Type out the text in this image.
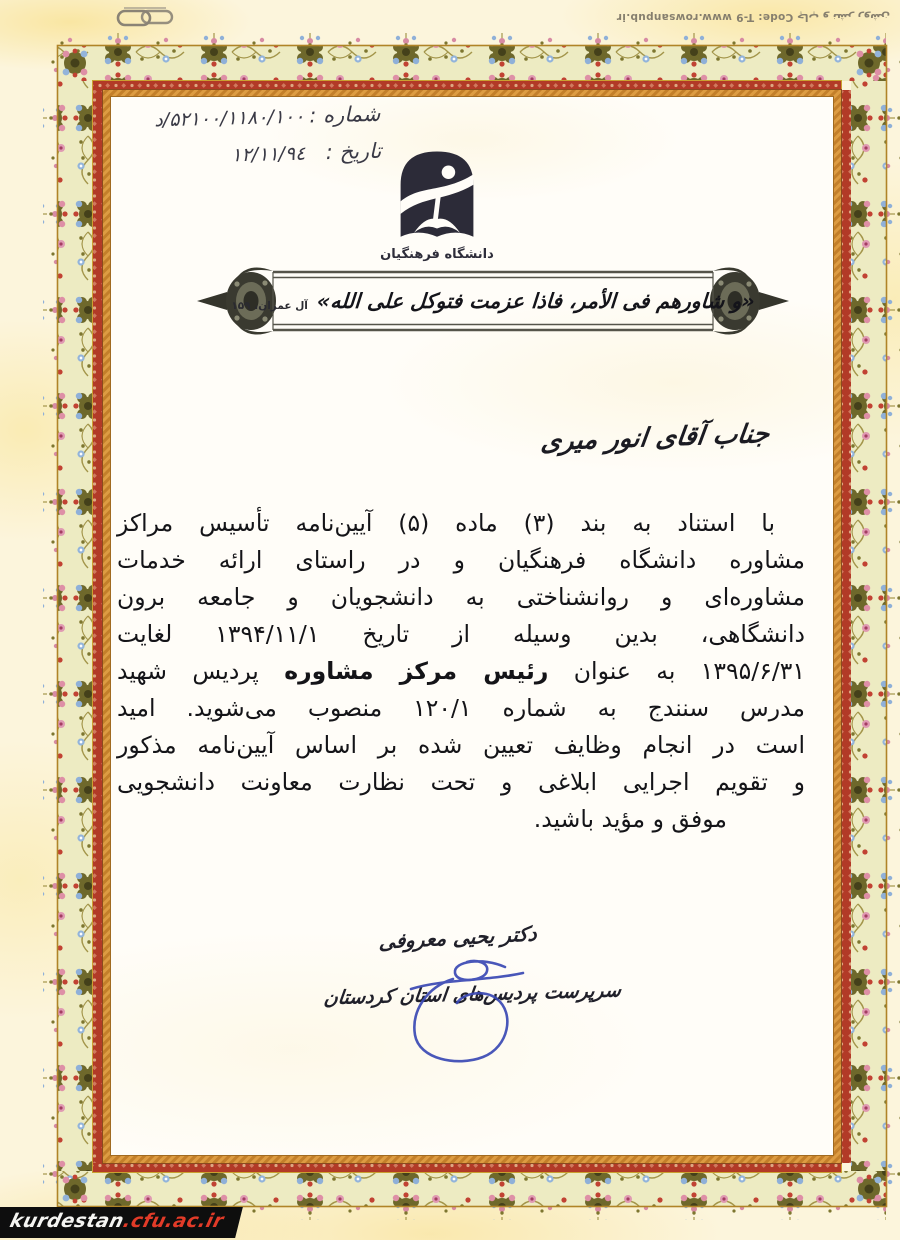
چاپ و نشر روشن Code: T-9 www.rowsanpub.ir
شماره :
۵۲۱۰۰/۱۱۸۰/۱۰۰/د
تاریخ :
۹٤/۱۲/۱۱
دانشگاه فرهنگیان
«و شاورهم فی الأمر، فاذا عزمت فتوکل علی الله»
آل عمران، ۱۵۹
جناب آقای انور میری
با استناد به بند (۳) ماده (۵) آیین‌نامه تأسیس مراکز
مشاوره دانشگاه فرهنگیان و در راستای ارائه خدمات
مشاوره‌ای و روانشناختی به دانشجویان و جامعه برون
دانشگاهی، بدین وسیله از تاریخ ۱۳۹۴/۱۱/۱ لغایت
۱۳۹۵/۶/۳۱ به عنوان رئیس مرکز مشاوره پردیس شهید
مدرس سنندج به شماره ۱۲۰/۱ منصوب می‌شوید. امید
است در انجام وظایف تعیین شده بر اساس آیین‌نامه مذکور
و تقویم اجرایی ابلاغی و تحت نظارت معاونت دانشجویی
موفق و مؤید باشید.
دکتر یحیی معروفی
سرپرست پردیس‌های استان کردستان
kurdestan.cfu.ac.ir
